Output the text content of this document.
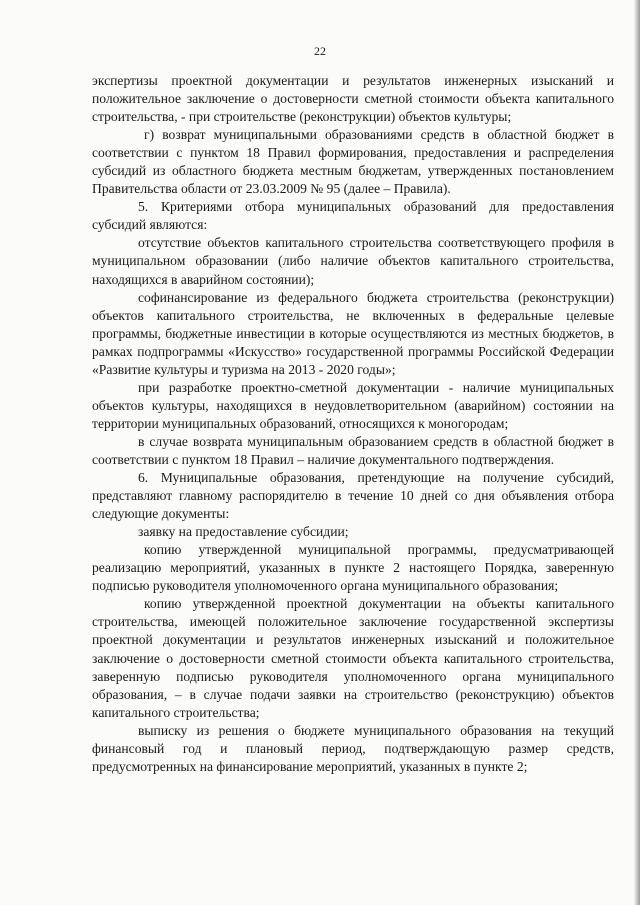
22

экспертизы проектной документации и результатов инженерных изысканий и положительное заключение о достоверности сметной стоимости объекта капитального строительства, - при строительстве (реконструкции) объектов культуры;

г) возврат муниципальными образованиями средств в областной бюджет в соответствии с пунктом 18 Правил формирования, предоставления и распределения субсидий из областного бюджета местным бюджетам, утвержденных постановлением Правительства области от 23.03.2009 № 95 (далее – Правила).

5. Критериями отбора муниципальных образований для предоставления субсидий являются:

отсутствие объектов капитального строительства соответствующего профиля в муниципальном образовании (либо наличие объектов капитального строительства, находящихся в аварийном состоянии);

софинансирование из федерального бюджета строительства (реконструкции) объектов капитального строительства, не включенных в федеральные целевые программы, бюджетные инвестиции в которые осуществляются из местных бюджетов, в рамках подпрограммы «Искусство» государственной программы Российской Федерации «Развитие культуры и туризма на 2013 - 2020 годы»;

при разработке проектно-сметной документации - наличие муниципальных объектов культуры, находящихся в неудовлетворительном (аварийном) состоянии на территории муниципальных образований, относящихся к моногородам;

в случае возврата муниципальным образованием средств в областной бюджет в соответствии с пунктом 18 Правил – наличие документального подтверждения.

6. Муниципальные образования, претендующие на получение субсидий, представляют главному распорядителю в течение 10 дней со дня объявления отбора следующие документы:

заявку на предоставление субсидии;

копию утвержденной муниципальной программы, предусматривающей реализацию мероприятий, указанных в пункте 2 настоящего Порядка, заверенную подписью руководителя уполномоченного органа муниципального образования;

копию утвержденной проектной документации на объекты капитального строительства, имеющей положительное заключение государственной экспертизы проектной документации и результатов инженерных изысканий и положительное заключение о достоверности сметной стоимости объекта капитального строительства, заверенную подписью руководителя уполномоченного органа муниципального образования, – в случае подачи заявки на строительство (реконструкцию) объектов капитального строительства;

выписку из решения о бюджете муниципального образования на текущий финансовый год и плановый период, подтверждающую размер средств, предусмотренных на финансирование мероприятий, указанных в пункте 2;
